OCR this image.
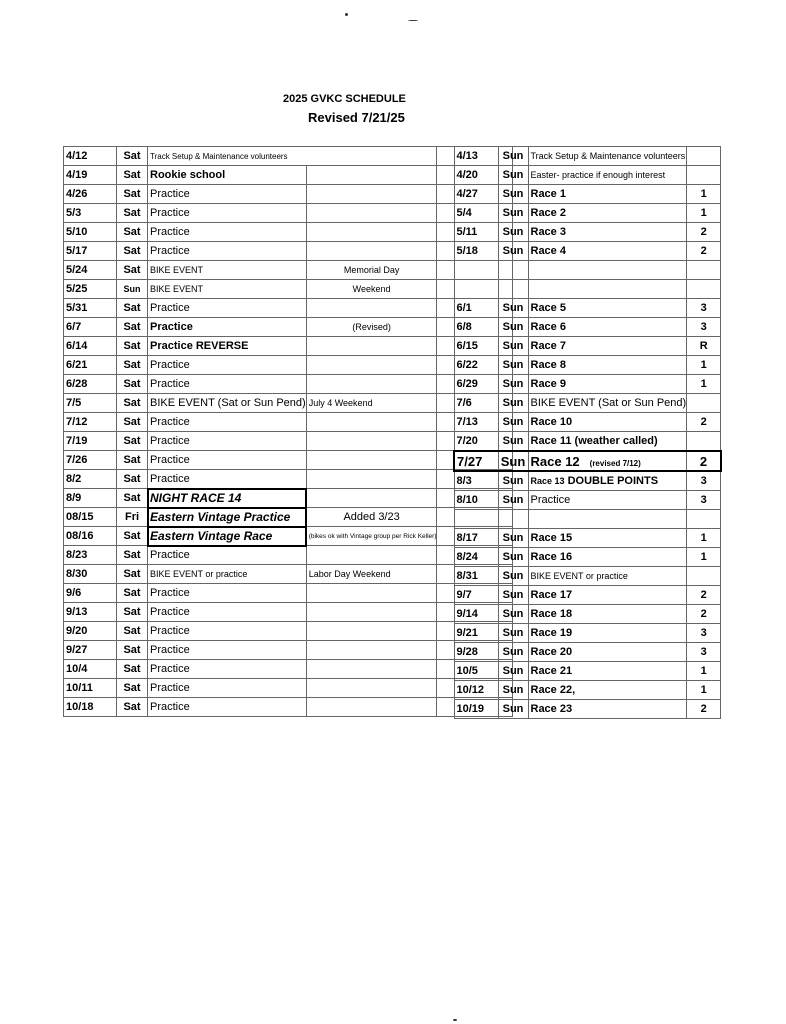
2025 GVKC SCHEDULE
Revised 7/21/25
4/12	Sat	Track Setup & Maintenance volunteers		
4/19	Sat	Rookie school		
4/26	Sat	Practice		
5/3	Sat	Practice		
5/10	Sat	Practice		
5/17	Sat	Practice		
5/24	Sat	BIKE EVENT	Memorial Day	
5/25	Sun	BIKE EVENT	Weekend	
5/31	Sat	Practice		
6/7	Sat	Practice	(Revised)	
6/14	Sat	Practice REVERSE		
6/21	Sat	Practice		
6/28	Sat	Practice		
7/5	Sat	BIKE EVENT (Sat or Sun Pend)	July 4 Weekend	
7/12	Sat	Practice		
7/19	Sat	Practice		
7/26	Sat	Practice		
8/2	Sat	Practice		
8/9	Sat	NIGHT RACE 14		
08/15	Fri	Eastern Vintage Practice	Added 3/23	
08/16	Sat	Eastern Vintage Race	(bikes ok with Vintage group per Rick Keller)	
8/23	Sat	Practice		
8/30	Sat	BIKE EVENT or practice	Labor Day Weekend	
9/6	Sat	Practice		
9/13	Sat	Practice		
9/20	Sat	Practice		
9/27	Sat	Practice		
10/4	Sat	Practice		
10/11	Sat	Practice		
10/18	Sat	Practice		
4/13	Sun	Track Setup & Maintenance volunteers	
4/20	Sun	Easter- practice if enough interest	
4/27	Sun	Race 1	1
5/4	Sun	Race 2	1
5/11	Sun	Race 3	2
5/18	Sun	Race 4	2

6/1	Sun	Race 5	3
6/8	Sun	Race 6	3
6/15	Sun	Race 7	R
6/22	Sun	Race 8	1
6/29	Sun	Race 9	1
7/6	Sun	BIKE EVENT (Sat or Sun Pend)	
7/13	Sun	Race 10	2
7/20	Sun	Race 11 (weather called)	
7/27	Sun	Race 12 (revised 7/12)	2
8/3	Sun	Race 13 DOUBLE POINTS	3
8/10	Sun	Practice	3

8/17	Sun	Race 15	1
8/24	Sun	Race 16	1
8/31	Sun	BIKE EVENT or practice	
9/7	Sun	Race 17	2
9/14	Sun	Race 18	2
9/21	Sun	Race 19	3
9/28	Sun	Race 20	3
10/5	Sun	Race 21	1
10/12	Sun	Race 22,	1
10/19	Sun	Race 23	2
